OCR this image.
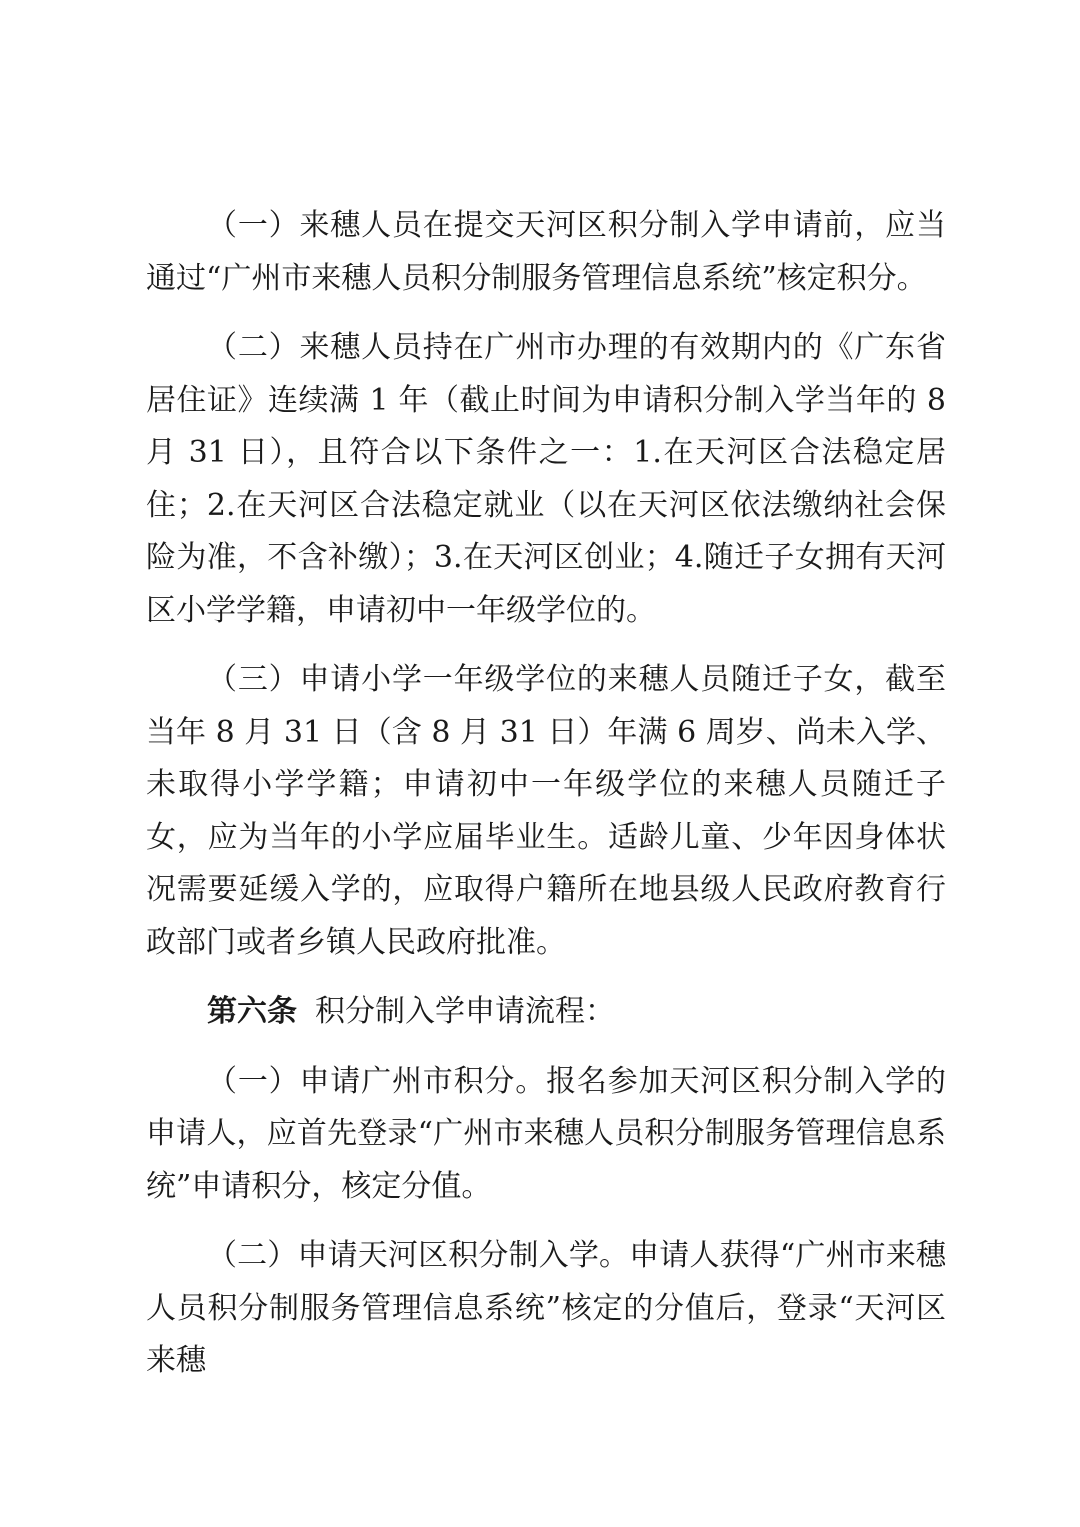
（一）来穗人员在提交天河区积分制入学申请前，应当通过“广州市来穗人员积分制服务管理信息系统”核定积分。

（二）来穗人员持在广州市办理的有效期内的《广东省居住证》连续满 1 年（截止时间为申请积分制入学当年的 8 月 31 日），且符合以下条件之一：1.在天河区合法稳定居住；2.在天河区合法稳定就业（以在天河区依法缴纳社会保险为准，不含补缴）；3.在天河区创业；4.随迁子女拥有天河区小学学籍，申请初中一年级学位的。

（三）申请小学一年级学位的来穗人员随迁子女，截至当年 8 月 31 日（含 8 月 31 日）年满 6 周岁、尚未入学、未取得小学学籍；申请初中一年级学位的来穗人员随迁子女，应为当年的小学应届毕业生。适龄儿童、少年因身体状况需要延缓入学的，应取得户籍所在地县级人民政府教育行政部门或者乡镇人民政府批准。

第六条 积分制入学申请流程：

（一）申请广州市积分。报名参加天河区积分制入学的申请人，应首先登录“广州市来穗人员积分制服务管理信息系统”申请积分，核定分值。

（二）申请天河区积分制入学。申请人获得“广州市来穗人员积分制服务管理信息系统”核定的分值后，登录“天河区来穗
